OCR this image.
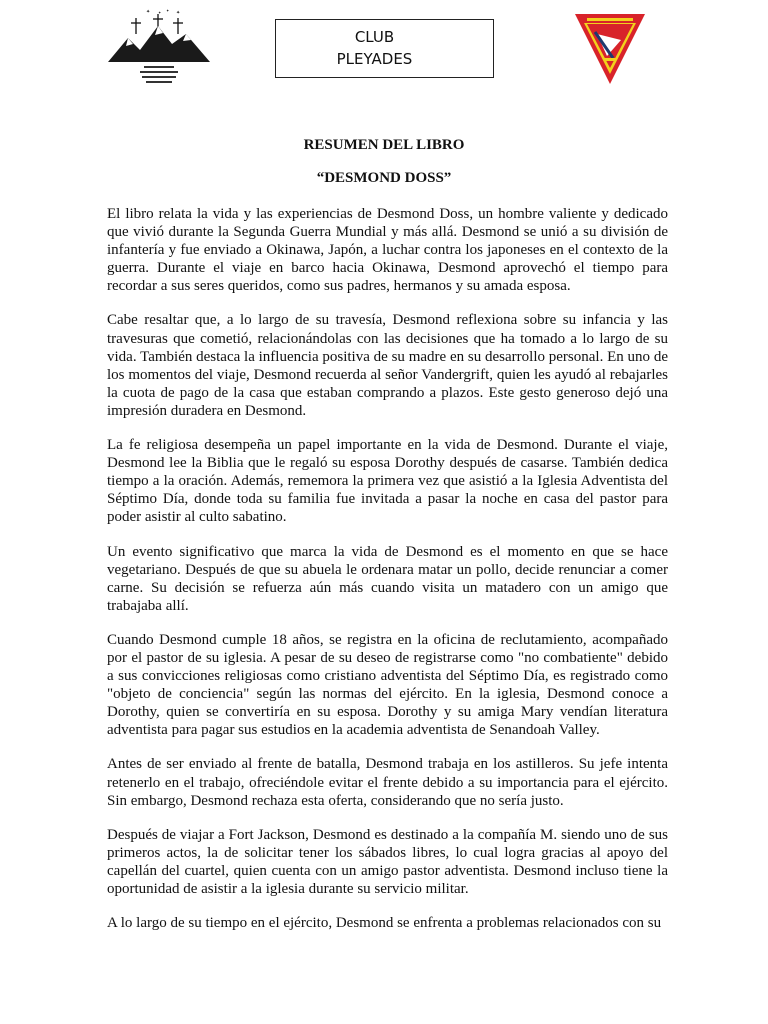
✦ ✦ ✦ ✦
CLUB
PLEYADES
RESUMEN DEL LIBRO
“DESMOND DOSS”

El libro relata la vida y las experiencias de Desmond Doss, un hombre valiente y dedicado que vivió durante la Segunda Guerra Mundial y más allá. Desmond se unió a su división de infantería y fue enviado a Okinawa, Japón, a luchar contra los japoneses en el contexto de la guerra. Durante el viaje en barco hacia Okinawa, Desmond aprovechó el tiempo para recordar a sus seres queridos, como sus padres, hermanos y su amada esposa.

Cabe resaltar que, a lo largo de su travesía, Desmond reflexiona sobre su infancia y las travesuras que cometió, relacionándolas con las decisiones que ha tomado a lo largo de su vida. También destaca la influencia positiva de su madre en su desarrollo personal. En uno de los momentos del viaje, Desmond recuerda al señor Vandergrift, quien les ayudó al rebajarles la cuota de pago de la casa que estaban comprando a plazos. Este gesto generoso dejó una impresión duradera en Desmond.

La fe religiosa desempeña un papel importante en la vida de Desmond. Durante el viaje, Desmond lee la Biblia que le regaló su esposa Dorothy después de casarse. También dedica tiempo a la oración. Además, rememora la primera vez que asistió a la Iglesia Adventista del Séptimo Día, donde toda su familia fue invitada a pasar la noche en casa del pastor para poder asistir al culto sabatino.

Un evento significativo que marca la vida de Desmond es el momento en que se hace vegetariano. Después de que su abuela le ordenara matar un pollo, decide renunciar a comer carne. Su decisión se refuerza aún más cuando visita un matadero con un amigo que trabajaba allí.

Cuando Desmond cumple 18 años, se registra en la oficina de reclutamiento, acompañado por el pastor de su iglesia. A pesar de su deseo de registrarse como "no combatiente" debido a sus convicciones religiosas como cristiano adventista del Séptimo Día, es registrado como "objeto de conciencia" según las normas del ejército. En la iglesia, Desmond conoce a Dorothy, quien se convertiría en su esposa. Dorothy y su amiga Mary vendían literatura adventista para pagar sus estudios en la academia adventista de Senandoah Valley.

Antes de ser enviado al frente de batalla, Desmond trabaja en los astilleros. Su jefe intenta retenerlo en el trabajo, ofreciéndole evitar el frente debido a su importancia para el ejército. Sin embargo, Desmond rechaza esta oferta, considerando que no sería justo.

Después de viajar a Fort Jackson, Desmond es destinado a la compañía M. siendo uno de sus primeros actos, la de solicitar tener los sábados libres, lo cual logra gracias al apoyo del capellán del cuartel, quien cuenta con un amigo pastor adventista. Desmond incluso tiene la oportunidad de asistir a la iglesia durante su servicio militar.

A lo largo de su tiempo en el ejército, Desmond se enfrenta a problemas relacionados con su
